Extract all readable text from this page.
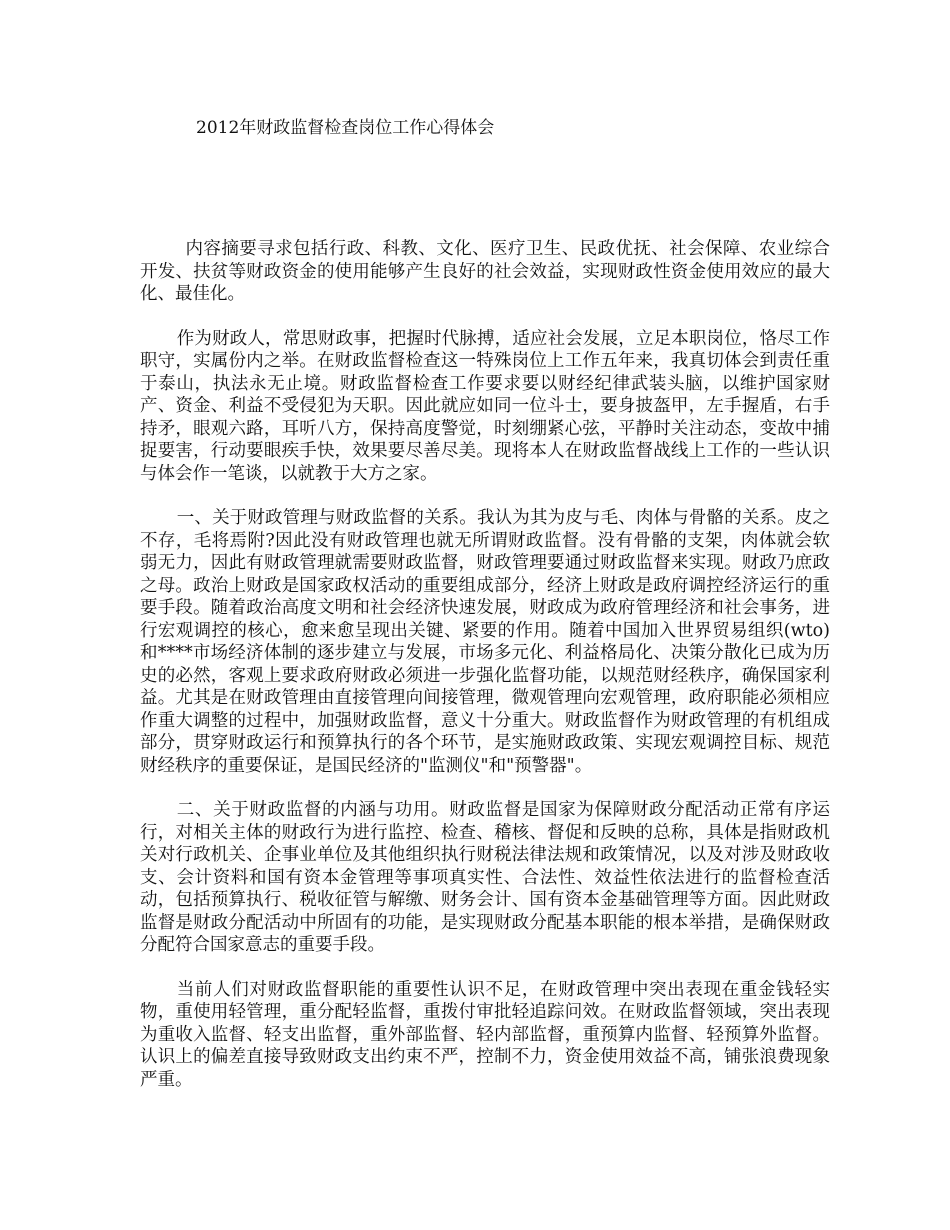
2012年财政监督检查岗位工作心得体会

内容摘要寻求包括行政、科教、文化、医疗卫生、民政优抚、社会保障、农业综合开发、扶贫等财政资金的使用能够产生良好的社会效益，实现财政性资金使用效应的最大化、最佳化。

作为财政人，常思财政事，把握时代脉搏，适应社会发展，立足本职岗位，恪尽工作职守，实属份内之举。在财政监督检查这一特殊岗位上工作五年来，我真切体会到责任重于泰山，执法永无止境。财政监督检查工作要求要以财经纪律武装头脑，以维护国家财产、资金、利益不受侵犯为天职。因此就应如同一位斗士，要身披盔甲，左手握盾，右手持矛，眼观六路，耳听八方，保持高度警觉，时刻绷紧心弦，平静时关注动态，变故中捕捉要害，行动要眼疾手快，效果要尽善尽美。现将本人在财政监督战线上工作的一些认识与体会作一笔谈，以就教于大方之家。

一、关于财政管理与财政监督的关系。我认为其为皮与毛、肉体与骨骼的关系。皮之不存，毛将焉附?因此没有财政管理也就无所谓财政监督。没有骨骼的支架，肉体就会软弱无力，因此有财政管理就需要财政监督，财政管理要通过财政监督来实现。财政乃庶政之母。政治上财政是国家政权活动的重要组成部分，经济上财政是政府调控经济运行的重要手段。随着政治高度文明和社会经济快速发展，财政成为政府管理经济和社会事务，进行宏观调控的核心，愈来愈呈现出关键、紧要的作用。随着中国加入世界贸易组织(wto)和****市场经济体制的逐步建立与发展，市场多元化、利益格局化、决策分散化已成为历史的必然，客观上要求政府财政必须进一步强化监督功能，以规范财经秩序，确保国家利益。尤其是在财政管理由直接管理向间接管理，微观管理向宏观管理，政府职能必须相应作重大调整的过程中，加强财政监督，意义十分重大。财政监督作为财政管理的有机组成部分，贯穿财政运行和预算执行的各个环节，是实施财政政策、实现宏观调控目标、规范财经秩序的重要保证，是国民经济的"监测仪"和"预警器"。

二、关于财政监督的内涵与功用。财政监督是国家为保障财政分配活动正常有序运行，对相关主体的财政行为进行监控、检查、稽核、督促和反映的总称，具体是指财政机关对行政机关、企事业单位及其他组织执行财税法律法规和政策情况，以及对涉及财政收支、会计资料和国有资本金管理等事项真实性、合法性、效益性依法进行的监督检查活动，包括预算执行、税收征管与解缴、财务会计、国有资本金基础管理等方面。因此财政监督是财政分配活动中所固有的功能，是实现财政分配基本职能的根本举措，是确保财政分配符合国家意志的重要手段。

当前人们对财政监督职能的重要性认识不足，在财政管理中突出表现在重金钱轻实物，重使用轻管理，重分配轻监督，重拨付审批轻追踪问效。在财政监督领域，突出表现为重收入监督、轻支出监督，重外部监督、轻内部监督，重预算内监督、轻预算外监督。认识上的偏差直接导致财政支出约束不严，控制不力，资金使用效益不高，铺张浪费现象严重。
